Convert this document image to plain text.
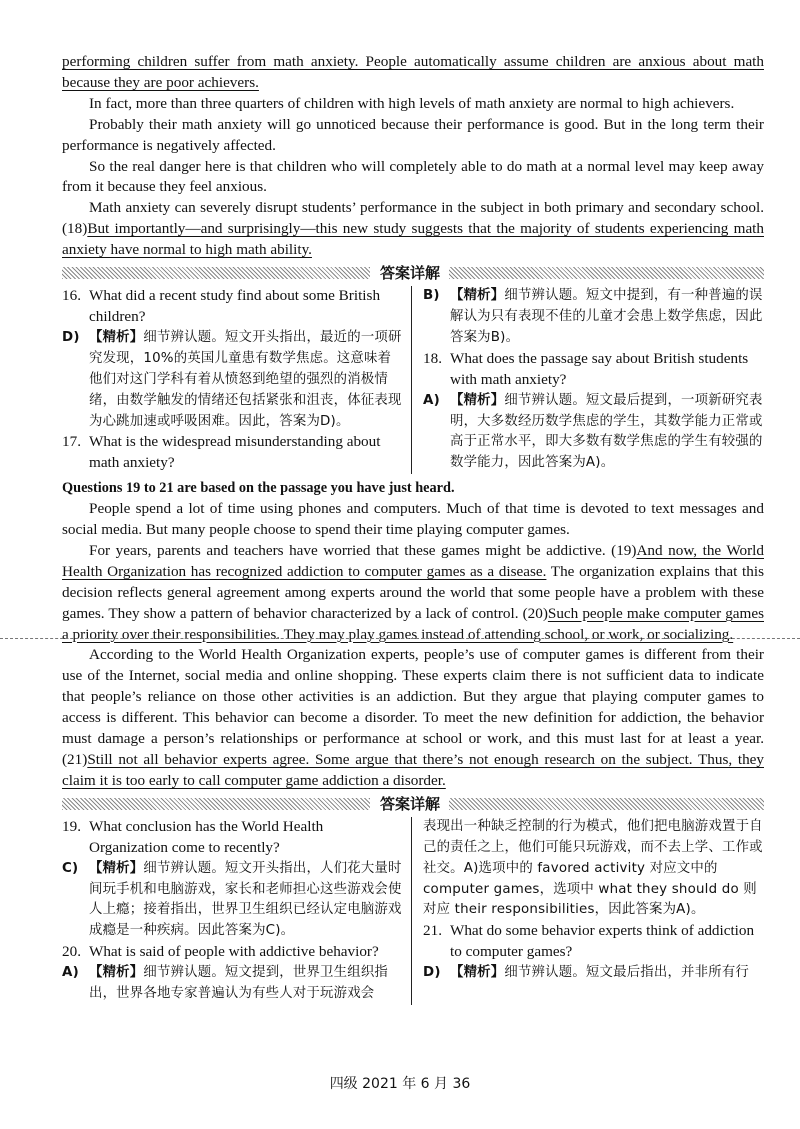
performing children suffer from math anxiety. People automatically assume children are anxious about math because they are poor achievers.

In fact, more than three quarters of children with high levels of math anxiety are normal to high achievers.

Probably their math anxiety will go unnoticed because their performance is good. But in the long term their performance is negatively affected.

So the real danger here is that children who will completely able to do math at a normal level may keep away from it because they feel anxious.

Math anxiety can severely disrupt students’ performance in the subject in both primary and secondary school. (18)But importantly—and surprisingly—this new study suggests that the majority of students experiencing math anxiety have normal to high math ability.

答案详解
16. What did a recent study find about some British children?
D) 【精析】细节辨认题。短文开头指出，最近的一项研究发现，10%的英国儿童患有数学焦虑。这意味着他们对这门学科有着从愤怒到绝望的强烈的消极情绪，由数学触发的情绪还包括紧张和沮丧，体征表现为心跳加速或呼吸困难。因此，答案为D)。
17. What is the widespread misunderstanding about math anxiety?
B) 【精析】细节辨认题。短文中提到，有一种普遍的误解认为只有表现不佳的儿童才会患上数学焦虑，因此答案为B)。
18. What does the passage say about British students with math anxiety?
A) 【精析】细节辨认题。短文最后提到，一项新研究表明，大多数经历数学焦虑的学生，其数学能力正常或高于正常水平，即大多数有数学焦虑的学生有较强的数学能力，因此答案为A)。

Questions 19 to 21 are based on the passage you have just heard.

People spend a lot of time using phones and computers. Much of that time is devoted to text messages and social media. But many people choose to spend their time playing computer games.

For years, parents and teachers have worried that these games might be addictive. (19)And now, the World Health Organization has recognized addiction to computer games as a disease. The organization explains that this decision reflects general agreement among experts around the world that some people have a problem with these games. They show a pattern of behavior characterized by a lack of control. (20)Such people make computer games a priority over their responsibilities. They may play games instead of attending school, or work, or socializing.

According to the World Health Organization experts, people’s use of computer games is different from their use of the Internet, social media and online shopping. These experts claim there is not sufficient data to indicate that people’s reliance on those other activities is an addiction. But they argue that playing computer games to access is different. This behavior can become a disorder. To meet the new definition for addiction, the behavior must damage a person’s relationships or performance at school or work, and this must last for at least a year. (21)Still not all behavior experts agree. Some argue that there’s not enough research on the subject. Thus, they claim it is too early to call computer game addiction a disorder.

答案详解
19. What conclusion has the World Health Organization come to recently?
C) 【精析】细节辨认题。短文开头指出，人们花大量时间玩手机和电脑游戏，家长和老师担心这些游戏会使人上瘾；接着指出，世界卫生组织已经认定电脑游戏成瘾是一种疾病。因此答案为C)。
20. What is said of people with addictive behavior?
A) 【精析】细节辨认题。短文提到，世界卫生组织指出，世界各地专家普遍认为有些人对于玩游戏会
表现出一种缺乏控制的行为模式，他们把电脑游戏置于自己的责任之上，他们可能只玩游戏，而不去上学、工作或社交。A)选项中的 favored activity 对应文中的 computer games，选项中 what they should do 则对应 their responsibilities，因此答案为A)。
21. What do some behavior experts think of addiction to computer games?
D) 【精析】细节辨认题。短文最后指出，并非所有行
四级 2021 年 6 月 36
